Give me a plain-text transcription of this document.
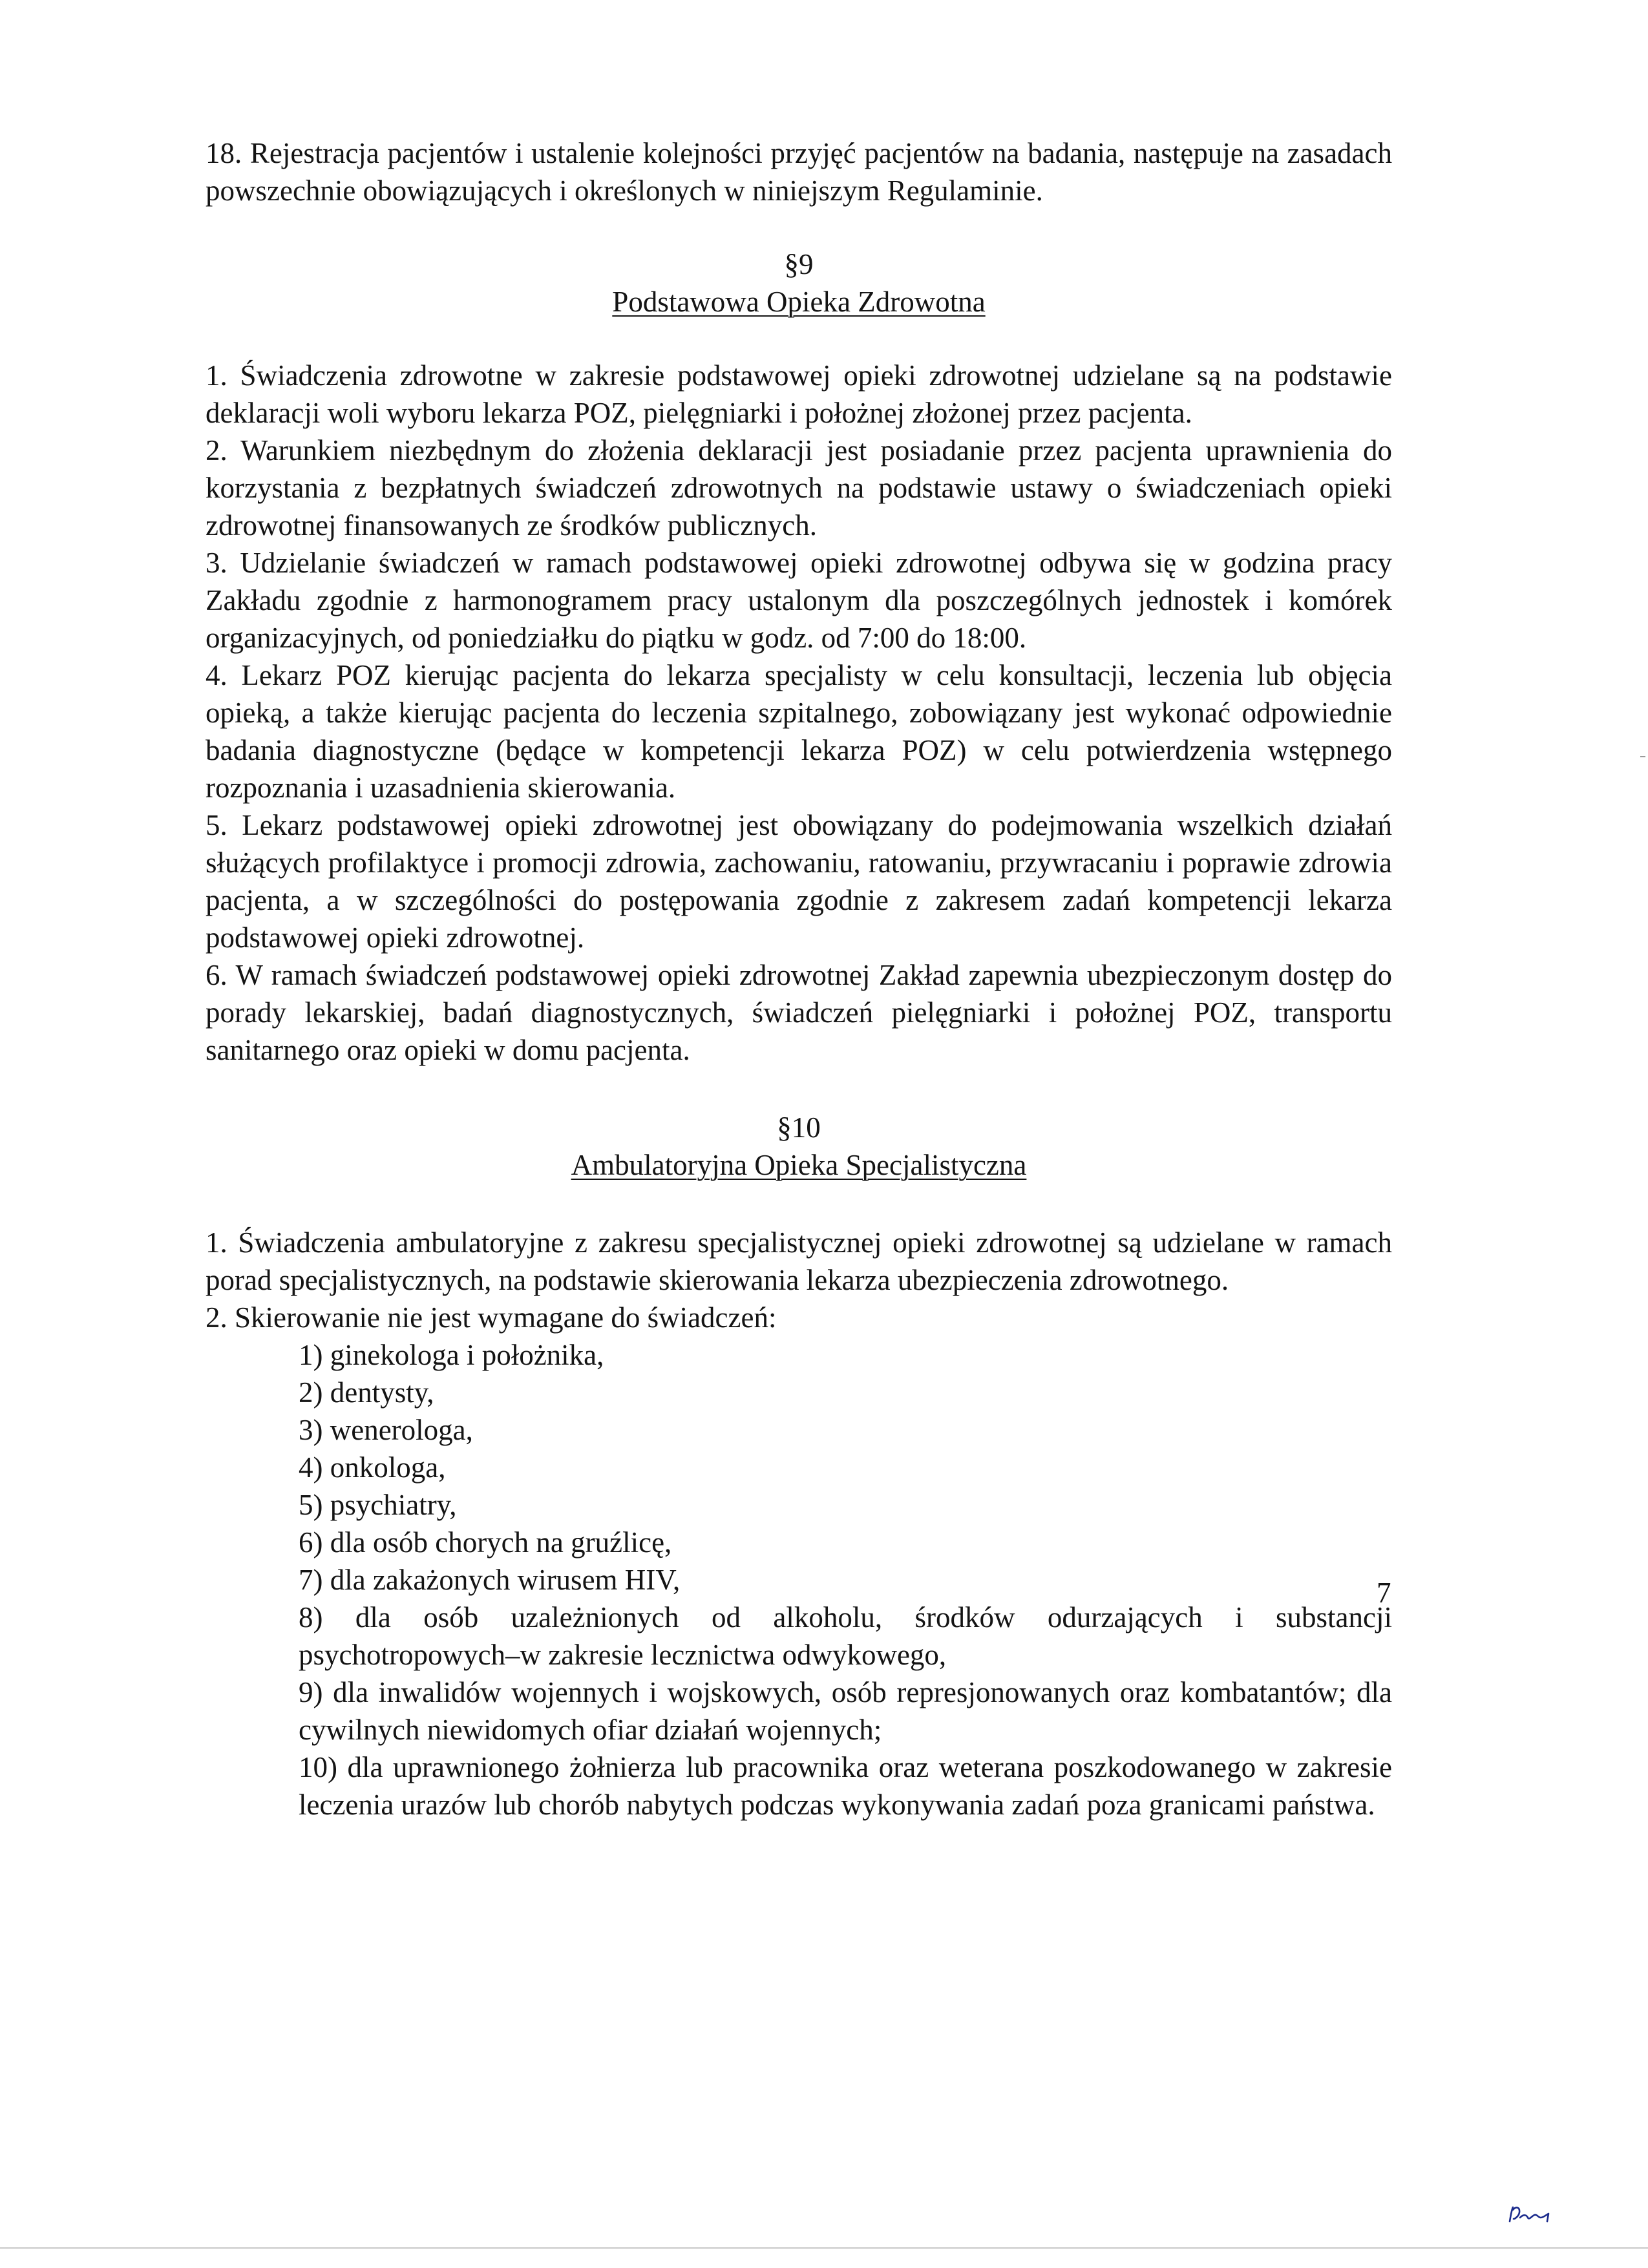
18. Rejestracja pacjentów i ustalenie kolejności przyjęć pacjentów na badania, następuje na zasadach powszechnie obowiązujących i określonych w niniejszym Regulaminie.

§9

Podstawowa Opieka Zdrowotna

1. Świadczenia zdrowotne w zakresie podstawowej opieki zdrowotnej udzielane są na podstawie deklaracji woli wyboru lekarza POZ, pielęgniarki i położnej złożonej przez pacjenta.

2. Warunkiem niezbędnym do złożenia deklaracji jest posiadanie przez pacjenta uprawnienia do korzystania z bezpłatnych świadczeń zdrowotnych na podstawie ustawy o świadczeniach opieki zdrowotnej finansowanych ze środków publicznych.

3. Udzielanie świadczeń w ramach podstawowej opieki zdrowotnej odbywa się w godzina pracy Zakładu zgodnie z harmonogramem pracy ustalonym dla poszczególnych jednostek i komórek organizacyjnych, od poniedziałku do piątku w godz. od 7:00 do 18:00.

4. Lekarz POZ kierując pacjenta do lekarza specjalisty w celu konsultacji, leczenia lub objęcia opieką, a także kierując pacjenta do leczenia szpitalnego, zobowiązany jest wykonać odpowiednie badania diagnostyczne (będące w kompetencji lekarza POZ) w celu potwierdzenia wstępnego rozpoznania i uzasadnienia skierowania.

5. Lekarz podstawowej opieki zdrowotnej jest obowiązany do podejmowania wszelkich działań służących profilaktyce i promocji zdrowia, zachowaniu, ratowaniu, przywracaniu i poprawie zdrowia pacjenta, a w szczególności do postępowania zgodnie z zakresem zadań kompetencji lekarza podstawowej opieki zdrowotnej.

6. W ramach świadczeń podstawowej opieki zdrowotnej Zakład zapewnia ubezpieczonym dostęp do porady lekarskiej, badań diagnostycznych, świadczeń pielęgniarki i położnej POZ, transportu sanitarnego oraz opieki w domu pacjenta.

§10

Ambulatoryjna Opieka Specjalistyczna

1. Świadczenia ambulatoryjne z zakresu specjalistycznej opieki zdrowotnej są udzielane w ramach porad specjalistycznych, na podstawie skierowania lekarza ubezpieczenia zdrowotnego.

2. Skierowanie nie jest wymagane do świadczeń:

1) ginekologa i położnika,
2) dentysty,
3) wenerologa,
4) onkologa,
5) psychiatry,
6) dla osób chorych na gruźlicę,
7) dla zakażonych wirusem HIV,
8) dla osób uzależnionych od alkoholu, środków odurzających i substancji psychotropowych–w zakresie lecznictwa odwykowego,
9) dla inwalidów wojennych i wojskowych, osób represjonowanych oraz kombatantów; dla cywilnych niewidomych ofiar działań wojennych;
10) dla uprawnionego żołnierza lub pracownika oraz weterana poszkodowanego w zakresie leczenia urazów lub chorób nabytych podczas wykonywania zadań poza granicami państwa.
7
